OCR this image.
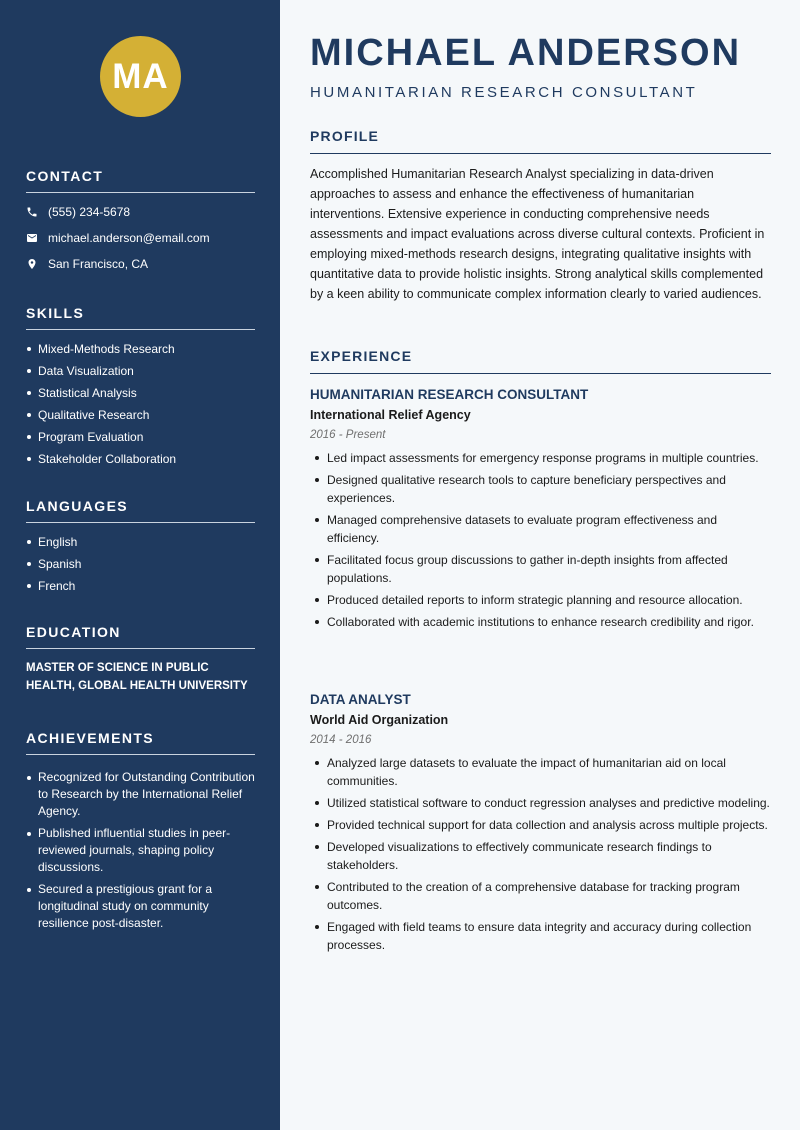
MA
CONTACT
(555) 234-5678
michael.anderson@email.com
San Francisco, CA
SKILLS
Mixed-Methods Research
Data Visualization
Statistical Analysis
Qualitative Research
Program Evaluation
Stakeholder Collaboration
LANGUAGES
English
Spanish
French
EDUCATION
MASTER OF SCIENCE IN PUBLIC HEALTH, GLOBAL HEALTH UNIVERSITY
ACHIEVEMENTS
Recognized for Outstanding Contribution to Research by the International Relief Agency.
Published influential studies in peer-reviewed journals, shaping policy discussions.
Secured a prestigious grant for a longitudinal study on community resilience post-disaster.
MICHAEL ANDERSON
HUMANITARIAN RESEARCH CONSULTANT
PROFILE

Accomplished Humanitarian Research Analyst specializing in data-driven approaches to assess and enhance the effectiveness of humanitarian interventions. Extensive experience in conducting comprehensive needs assessments and impact evaluations across diverse cultural contexts. Proficient in employing mixed-methods research designs, integrating qualitative insights with quantitative data to provide holistic insights. Strong analytical skills complemented by a keen ability to communicate complex information clearly to varied audiences.

EXPERIENCE
HUMANITARIAN RESEARCH CONSULTANT
International Relief Agency
2016 - Present
Led impact assessments for emergency response programs in multiple countries.
Designed qualitative research tools to capture beneficiary perspectives and experiences.
Managed comprehensive datasets to evaluate program effectiveness and efficiency.
Facilitated focus group discussions to gather in-depth insights from affected populations.
Produced detailed reports to inform strategic planning and resource allocation.
Collaborated with academic institutions to enhance research credibility and rigor.
DATA ANALYST
World Aid Organization
2014 - 2016
Analyzed large datasets to evaluate the impact of humanitarian aid on local communities.
Utilized statistical software to conduct regression analyses and predictive modeling.
Provided technical support for data collection and analysis across multiple projects.
Developed visualizations to effectively communicate research findings to stakeholders.
Contributed to the creation of a comprehensive database for tracking program outcomes.
Engaged with field teams to ensure data integrity and accuracy during collection processes.
